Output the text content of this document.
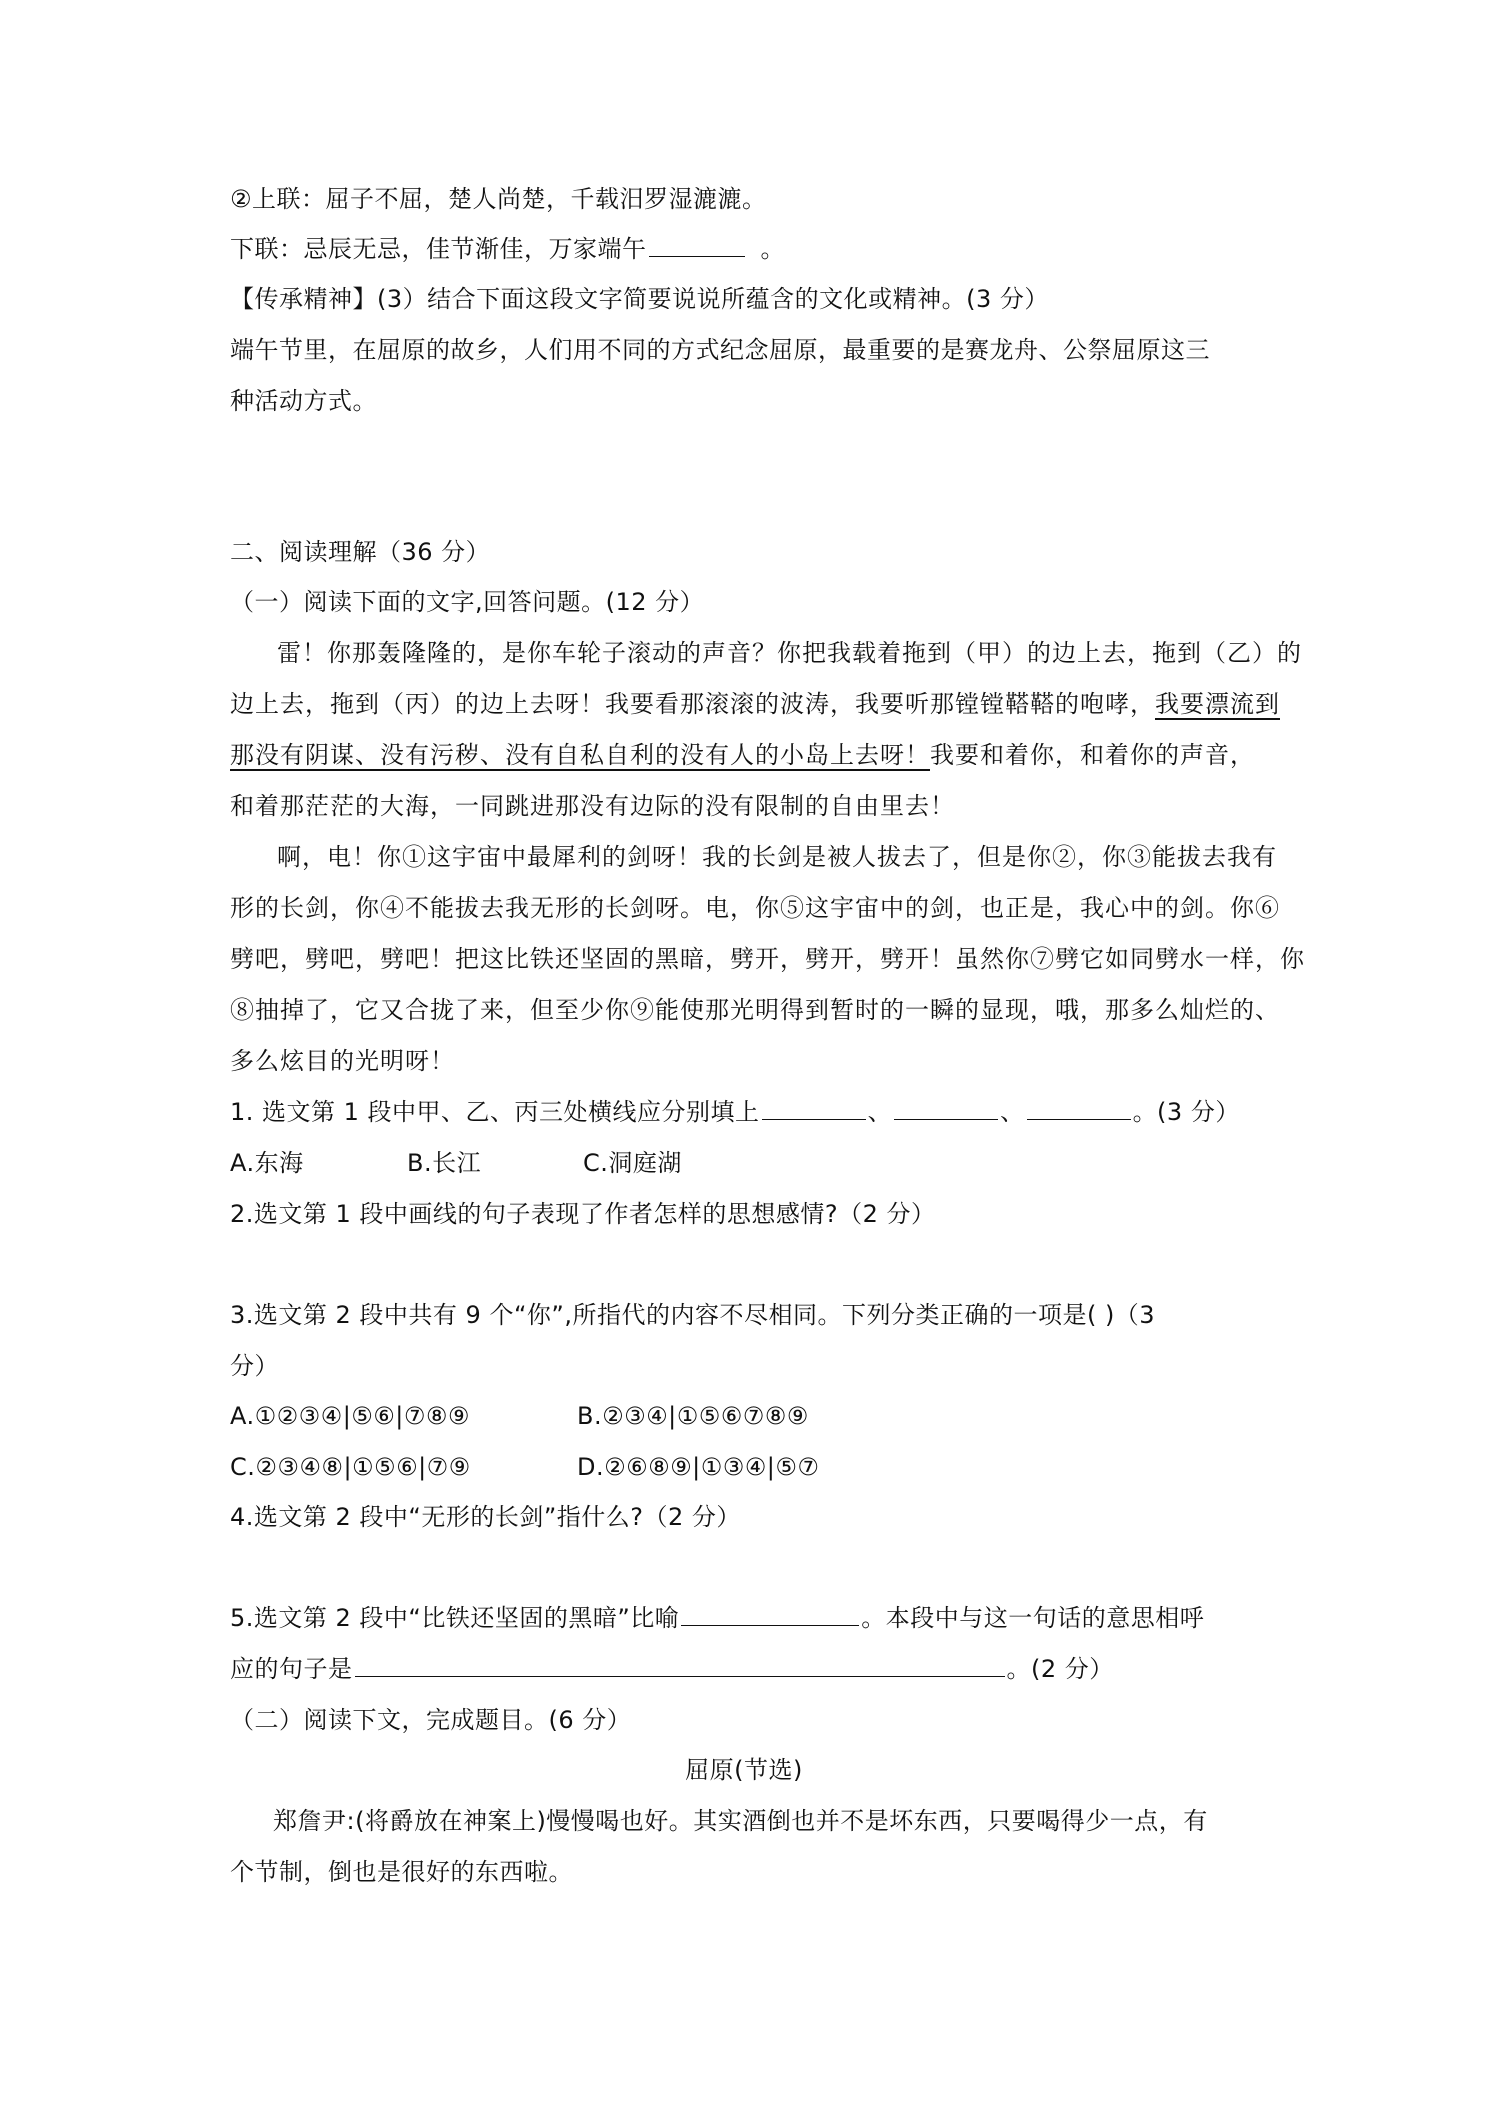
②上联：屈子不屈，楚人尚楚，千载汨罗湿漉漉。
下联：忌辰无忌，佳节渐佳，万家端午	。
【传承精神】(3）结合下面这段文字简要说说所蕴含的文化或精神。(3 分）
端午节里，在屈原的故乡，人们用不同的方式纪念屈原，最重要的是赛龙舟、公祭屈原这三
种活动方式。
二、阅读理解（36 分）
（一）阅读下面的文字,回答问题。(12 分）
雷！你那轰隆隆的，是你车轮子滚动的声音？你把我载着拖到（甲）的边上去，拖到（乙）的
边上去，拖到（丙）的边上去呀！我要看那滚滚的波涛，我要听那镗镗鞳鞳的咆哮，我要漂流到
那没有阴谋、没有污秽、没有自私自利的没有人的小岛上去呀！我要和着你，和着你的声音，
和着那茫茫的大海，一同跳进那没有边际的没有限制的自由里去！
啊，电！你①这宇宙中最犀利的剑呀！我的长剑是被人拔去了，但是你②，你③能拔去我有
形的长剑，你④不能拔去我无形的长剑呀。电，你⑤这宇宙中的剑，也正是，我心中的剑。你⑥
劈吧，劈吧，劈吧！把这比铁还坚固的黑暗，劈开，劈开，劈开！虽然你⑦劈它如同劈水一样，你
⑧抽掉了，它又合拢了来，但至少你⑨能使那光明得到暂时的一瞬的显现，哦，那多么灿烂的、
多么炫目的光明呀！
1. 选文第 1 段中甲、乙、丙三处横线应分别填上	、	、	。(3 分）
A.东海	B.长江	C.洞庭湖
2.选文第 1 段中画线的句子表现了作者怎样的思想感情?（2 分）
3.选文第 2 段中共有 9 个“你”,所指代的内容不尽相同。下列分类正确的一项是( )（3
分）
A.①②③④|⑤⑥|⑦⑧⑨	B.②③④|①⑤⑥⑦⑧⑨
C.②③④⑧|①⑤⑥|⑦⑨	D.②⑥⑧⑨|①③④|⑤⑦
4.选文第 2 段中“无形的长剑”指什么?（2 分）
5.选文第 2 段中“比铁还坚固的黑暗”比喻	。本段中与这一句话的意思相呼
应的句子是	。(2 分）
（二）阅读下文，完成题目。(6 分）
屈原(节选)
郑詹尹:(将爵放在神案上)慢慢喝也好。其实酒倒也并不是坏东西，只要喝得少一点，有
个节制，倒也是很好的东西啦。
